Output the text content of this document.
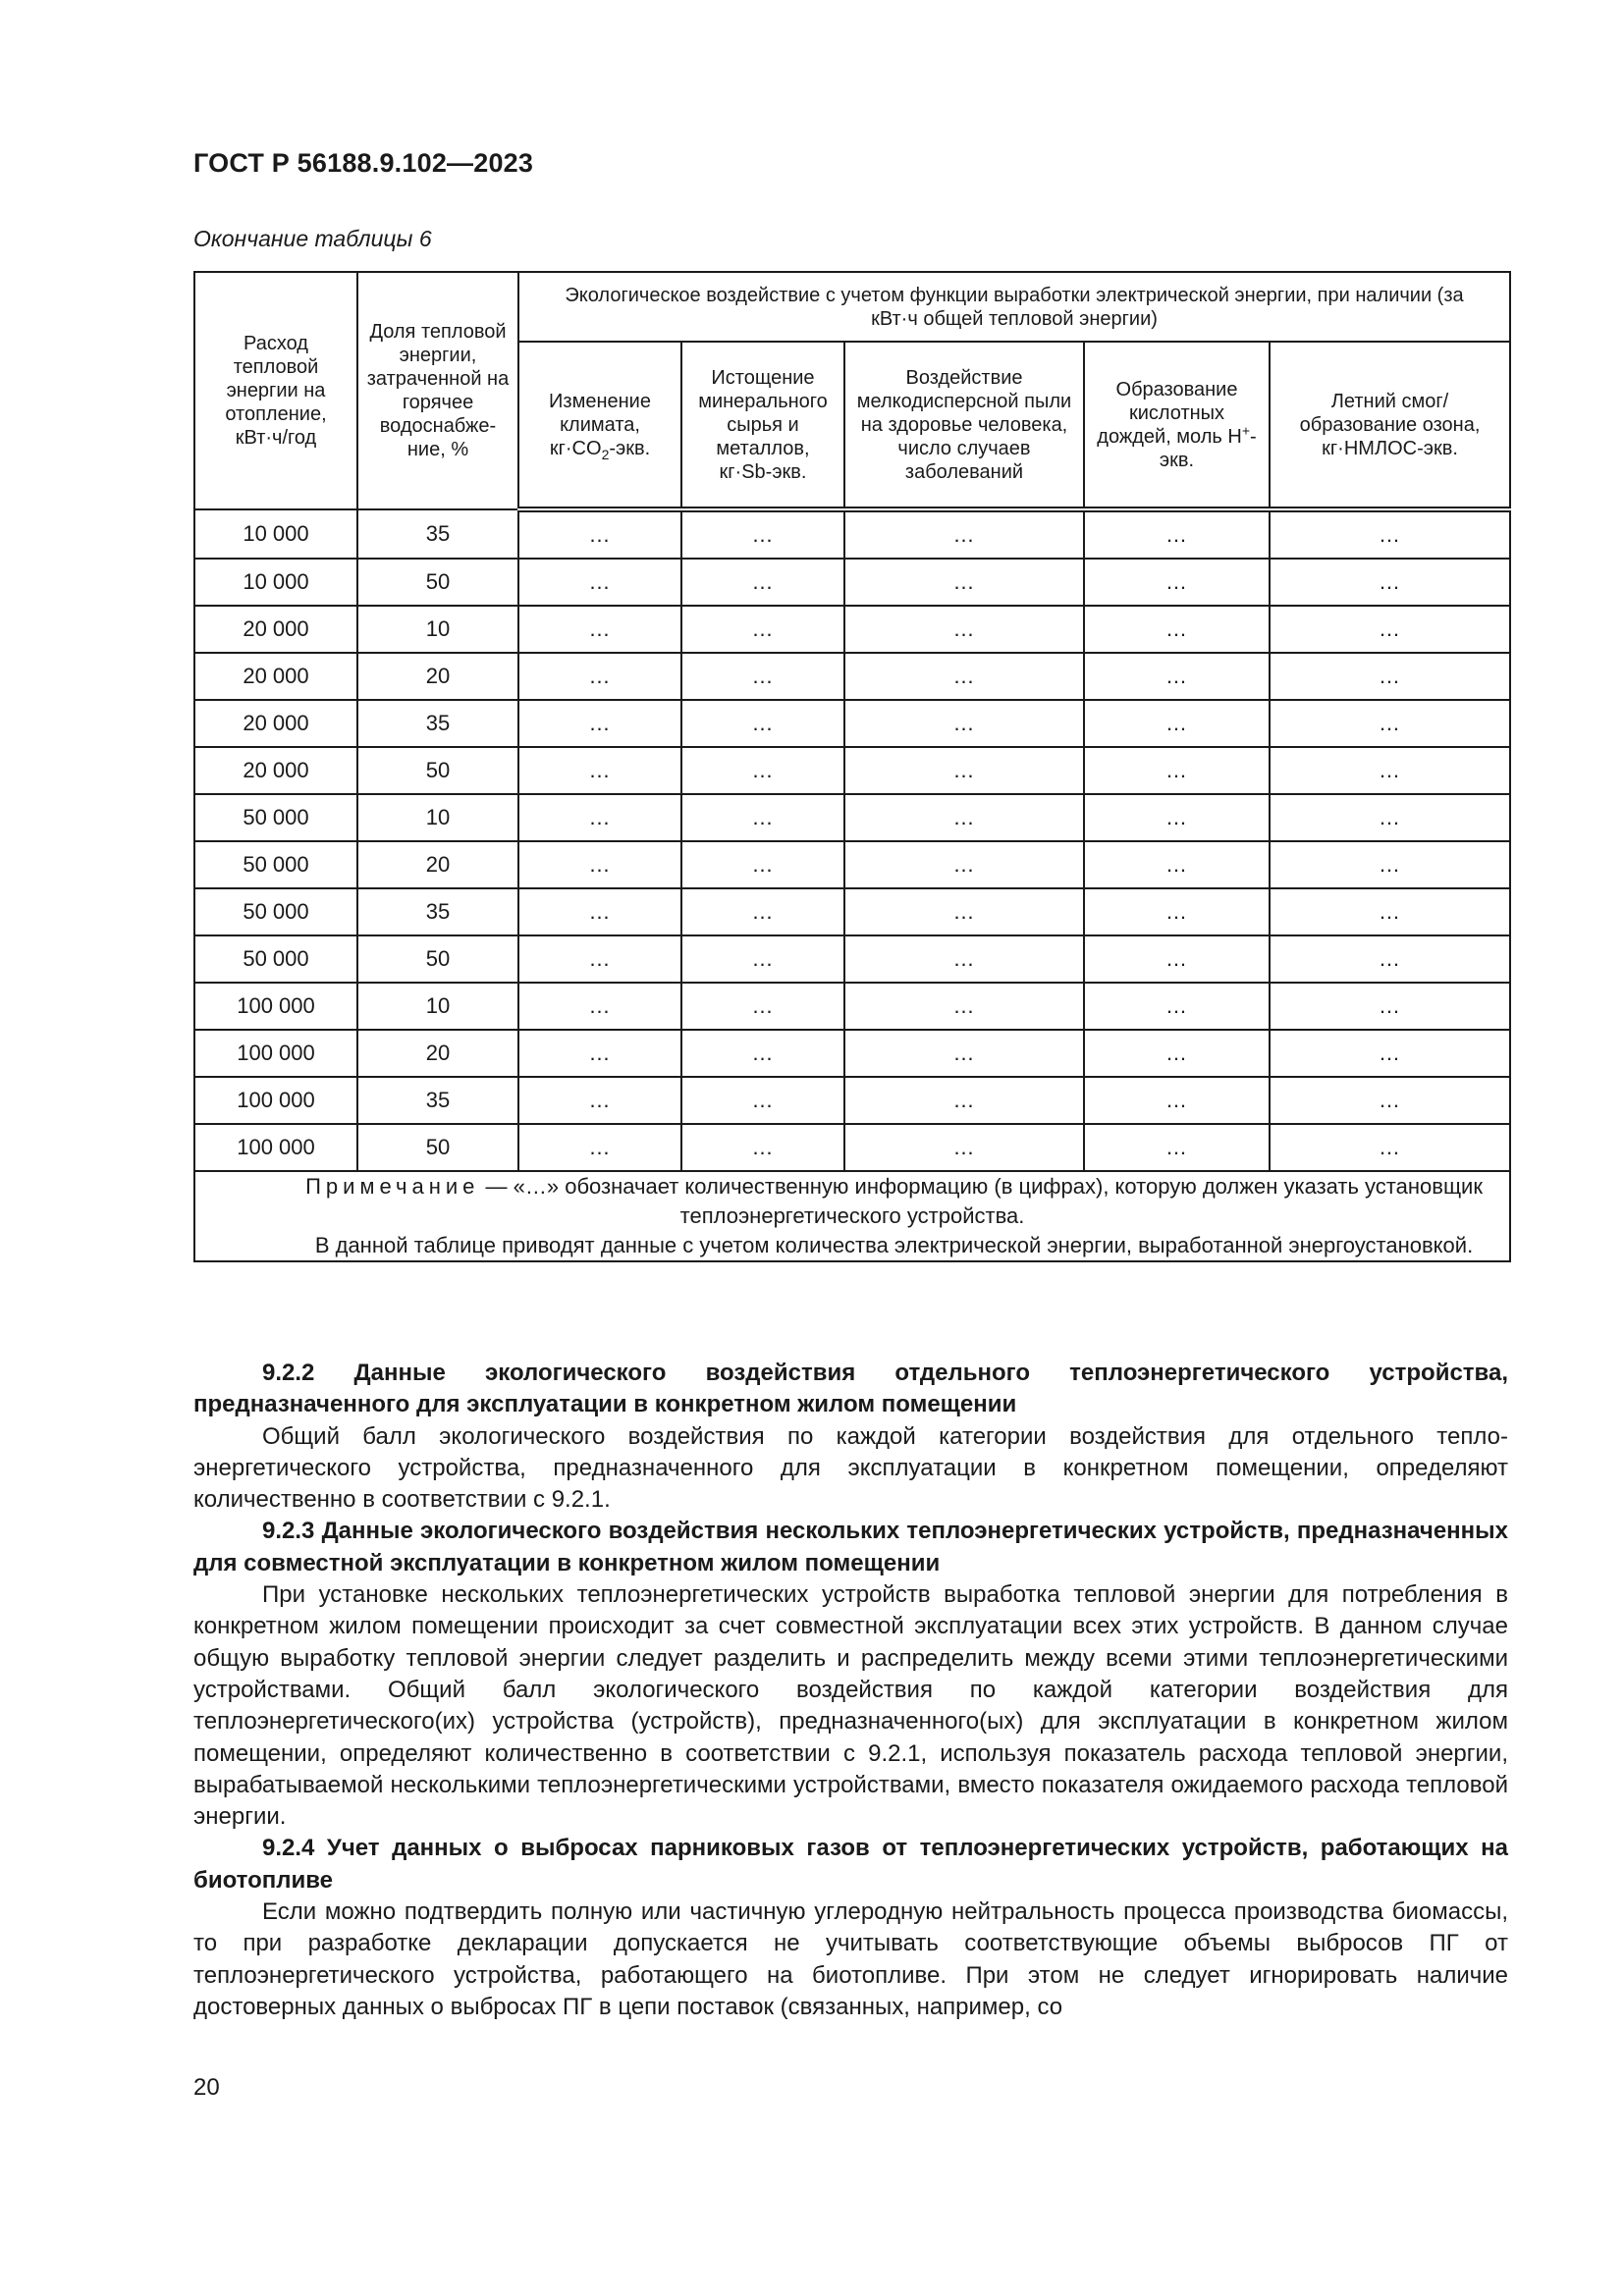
ГОСТ Р 56188.9.102—2023

Окончание таблицы 6

Расход тепловой энергии на отопление, кВт·ч/год	Доля тепловой энергии, затраченной на горячее водоснабжение, %	Экологическое воздействие с учетом функции выработки электрической энергии, при наличии (за кВт·ч общей тепловой энергии)				
		Изменение климата, $кг\cdot CO_2$-экв.	Истощение минерального сырья и металлов, кг·Sb-экв.	Воздействие мелкодисперсной пыли на здоровье человека, число случаев заболеваний	Образование кислотных дождей, моль H+-экв.	Летний смог/ образование озона, кг·НМЛОС-экв.
10 000	35	…	…	…	…	…
10 000	50	…	…	…	…	…
20 000	10	…	…	…	…	…
20 000	20	…	…	…	…	…
20 000	35	…	…	…	…	…
20 000	50	…	…	…	…	…
50 000	10	…	…	…	…	…
50 000	20	…	…	…	…	…
50 000	35	…	…	…	…	…
50 000	50	…	…	…	…	…
100 000	10	…	…	…	…	…
100 000	20	…	…	…	…	…
100 000	35	…	…	…	…	…
100 000	50	…	…	…	…	…

Примечание — «…» обозначает количественную информацию (в цифрах), которую должен указать установщик теплоэнергетического устройства.

В данной таблице приводят данные с учетом количества электрической энергии, выработанной энергоустановкой.						

9.2.2 Данные экологического воздействия отдельного теплоэнергетического устройства, предназначенного для эксплуатации в конкретном жилом помещении

Общий балл экологического воздействия по каждой категории воздействия для отдельного теплоэнергетического устройства, предназначенного для эксплуатации в конкретном помещении, определяют количественно в соответствии с 9.2.1.

9.2.3 Данные экологического воздействия нескольких теплоэнергетических устройств, предназначенных для совместной эксплуатации в конкретном жилом помещении

При установке нескольких теплоэнергетических устройств выработка тепловой энергии для потребления в конкретном жилом помещении происходит за счет совместной эксплуатации всех этих устройств. В данном случае общую выработку тепловой энергии следует разделить и распределить между всеми этими теплоэнергетическими устройствами. Общий балл экологического воздействия по каждой категории воздействия для теплоэнергетического(их) устройства (устройств), предназначенного(ых) для эксплуатации в конкретном жилом помещении, определяют количественно в соответствии с 9.2.1, используя показатель расхода тепловой энергии, вырабатываемой несколькими теплоэнергетическими устройствами, вместо показателя ожидаемого расхода тепловой энергии.

9.2.4 Учет данных о выбросах парниковых газов от теплоэнергетических устройств, работающих на биотопливе

Если можно подтвердить полную или частичную углеродную нейтральность процесса производства биомассы, то при разработке декларации допускается не учитывать соответствующие объемы выбросов ПГ от теплоэнергетического устройства, работающего на биотопливе. При этом не следует игнорировать наличие достоверных данных о выбросах ПГ в цепи поставок (связанных, например, со

20
